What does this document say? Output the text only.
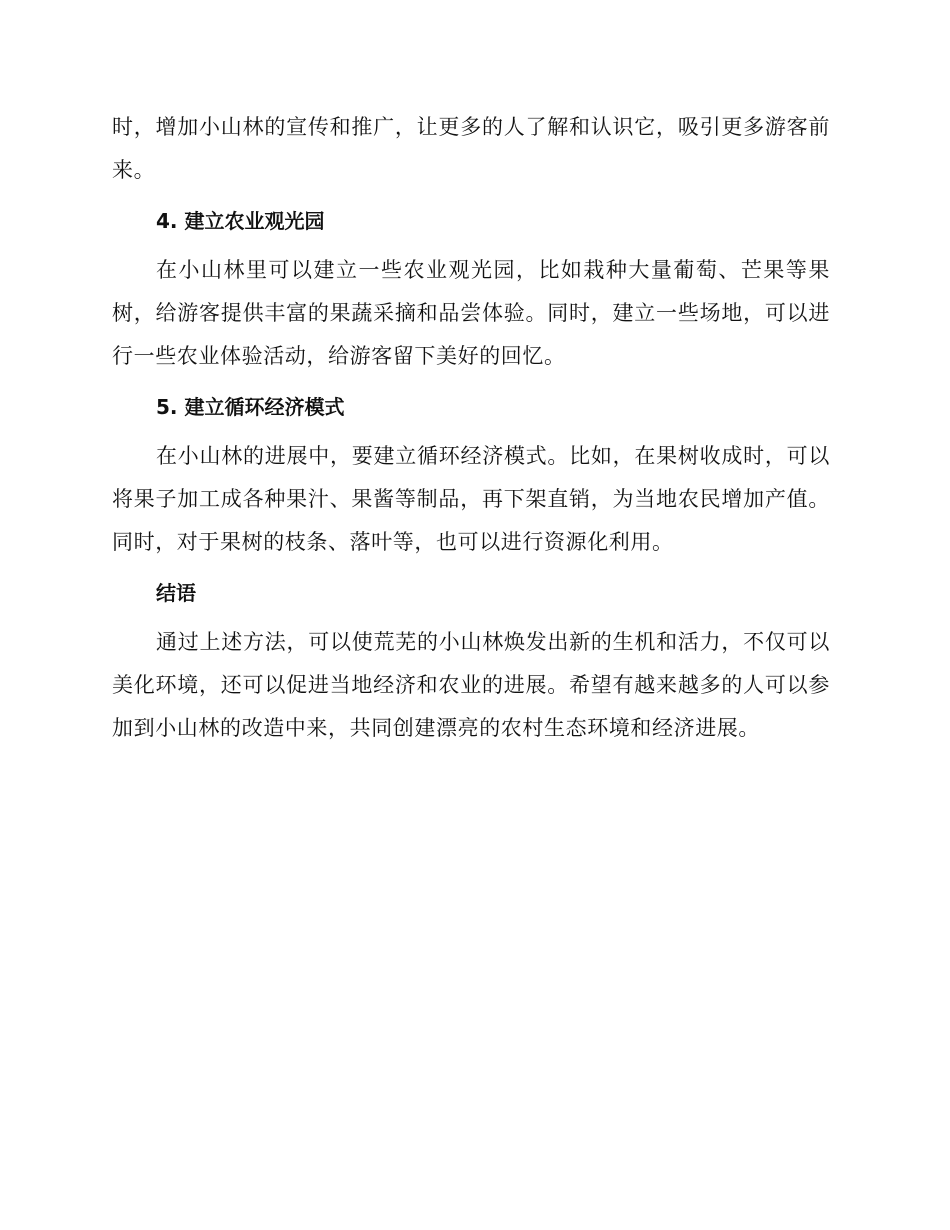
时，增加小山林的宣传和推广，让更多的人了解和认识它，吸引更多游客前来。

4. 建立农业观光园

在小山林里可以建立一些农业观光园，比如栽种大量葡萄、芒果等果树，给游客提供丰富的果蔬采摘和品尝体验。同时，建立一些场地，可以进行一些农业体验活动，给游客留下美好的回忆。

5. 建立循环经济模式

在小山林的进展中，要建立循环经济模式。比如，在果树收成时，可以将果子加工成各种果汁、果酱等制品，再下架直销，为当地农民增加产值。同时，对于果树的枝条、落叶等，也可以进行资源化利用。

结语

通过上述方法，可以使荒芜的小山林焕发出新的生机和活力，不仅可以美化环境，还可以促进当地经济和农业的进展。希望有越来越多的人可以参加到小山林的改造中来，共同创建漂亮的农村生态环境和经济进展。
